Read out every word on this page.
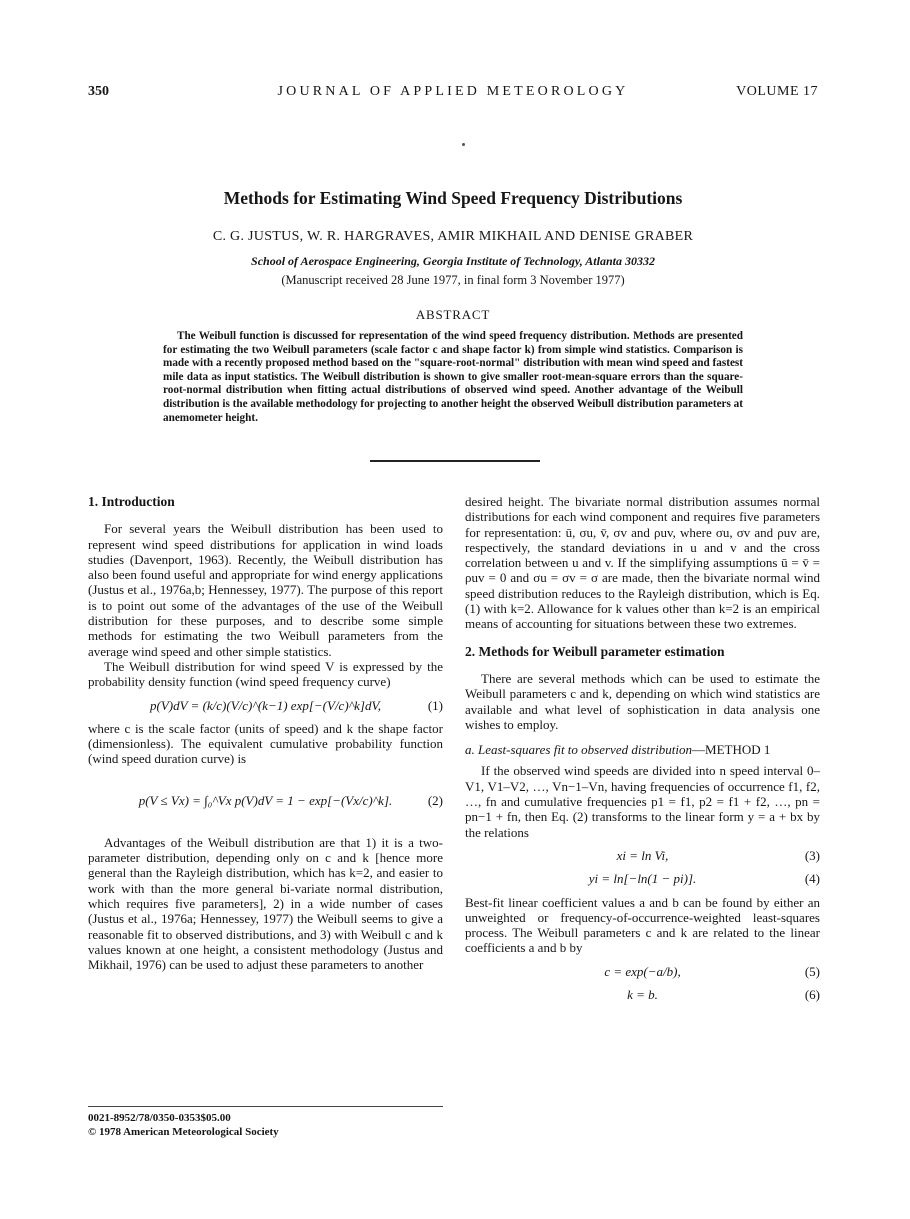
350	JOURNAL OF APPLIED METEOROLOGY	VOLUME 17
Methods for Estimating Wind Speed Frequency Distributions
C. G. JUSTUS, W. R. HARGRAVES, AMIR MIKHAIL AND DENISE GRABER
School of Aerospace Engineering, Georgia Institute of Technology, Atlanta 30332
(Manuscript received 28 June 1977, in final form 3 November 1977)
ABSTRACT

The Weibull function is discussed for representation of the wind speed frequency distribution. Methods are presented for estimating the two Weibull parameters (scale factor c and shape factor k) from simple wind statistics. Comparison is made with a recently proposed method based on the "square-root-normal" distribution with mean wind speed and fastest mile data as input statistics. The Weibull distribution is shown to give smaller root-mean-square errors than the square-root-normal distribution when fitting actual distributions of observed wind speed. Another advantage of the Weibull distribution is the available methodology for projecting to another height the observed Weibull distribution parameters at anemometer height.

1. Introduction

For several years the Weibull distribution has been used to represent wind speed distributions for application in wind loads studies (Davenport, 1963). Recently, the Weibull distribution has also been found useful and appropriate for wind energy applications (Justus et al., 1976a,b; Hennessey, 1977). The purpose of this report is to point out some of the advantages of the use of the Weibull distribution for these purposes, and to describe some simple methods for estimating the two Weibull parameters from the average wind speed and other simple statistics.

The Weibull distribution for wind speed V is expressed by the probability density function (wind speed frequency curve)

p(V)dV = (k/c)(V/c)^(k−1) exp[−(V/c)^k]dV,	(1)

where c is the scale factor (units of speed) and k the shape factor (dimensionless). The equivalent cumulative probability function (wind speed duration curve) is

p(V ≤ Vx) = ∫₀^Vx p(V)dV = 1 − exp[−(Vx/c)^k].	(2)

Advantages of the Weibull distribution are that 1) it is a two-parameter distribution, depending only on c and k [hence more general than the Rayleigh distribution, which has k=2, and easier to work with than the more general bi-variate normal distribution, which requires five parameters], 2) in a wide number of cases (Justus et al., 1976a; Hennessey, 1977) the Weibull seems to give a reasonable fit to observed distributions, and 3) with Weibull c and k values known at one height, a consistent methodology (Justus and Mikhail, 1976) can be used to adjust these parameters to another

desired height. The bivariate normal distribution assumes normal distributions for each wind component and requires five parameters for representation: ū, σu, v̄, σv and ρuv, where σu, σv and ρuv are, respectively, the standard deviations in u and v and the cross correlation between u and v. If the simplifying assumptions ū = v̄ = ρuv = 0 and σu = σv = σ are made, then the bivariate normal wind speed distribution reduces to the Rayleigh distribution, which is Eq. (1) with k=2. Allowance for k values other than k=2 is an empirical means of accounting for situations between these two extremes.

2. Methods for Weibull parameter estimation

There are several methods which can be used to estimate the Weibull parameters c and k, depending on which wind statistics are available and what level of sophistication in data analysis one wishes to employ.

a. Least-squares fit to observed distribution—METHOD 1

If the observed wind speeds are divided into n speed interval 0–V1, V1–V2, …, Vn−1–Vn, having frequencies of occurrence f1, f2, …, fn and cumulative frequencies p1 = f1, p2 = f1 + f2, …, pn = pn−1 + fn, then Eq. (2) transforms to the linear form y = a + bx by the relations

xi = ln Vi,	(3)
yi = ln[−ln(1 − pi)].	(4)

Best-fit linear coefficient values a and b can be found by either an unweighted or frequency-of-occurrence-weighted least-squares process. The Weibull parameters c and k are related to the linear coefficients a and b by

c = exp(−a/b),	(5)
k = b.	(6)
0021-8952/78/0350-0353$05.00
© 1978 American Meteorological Society
